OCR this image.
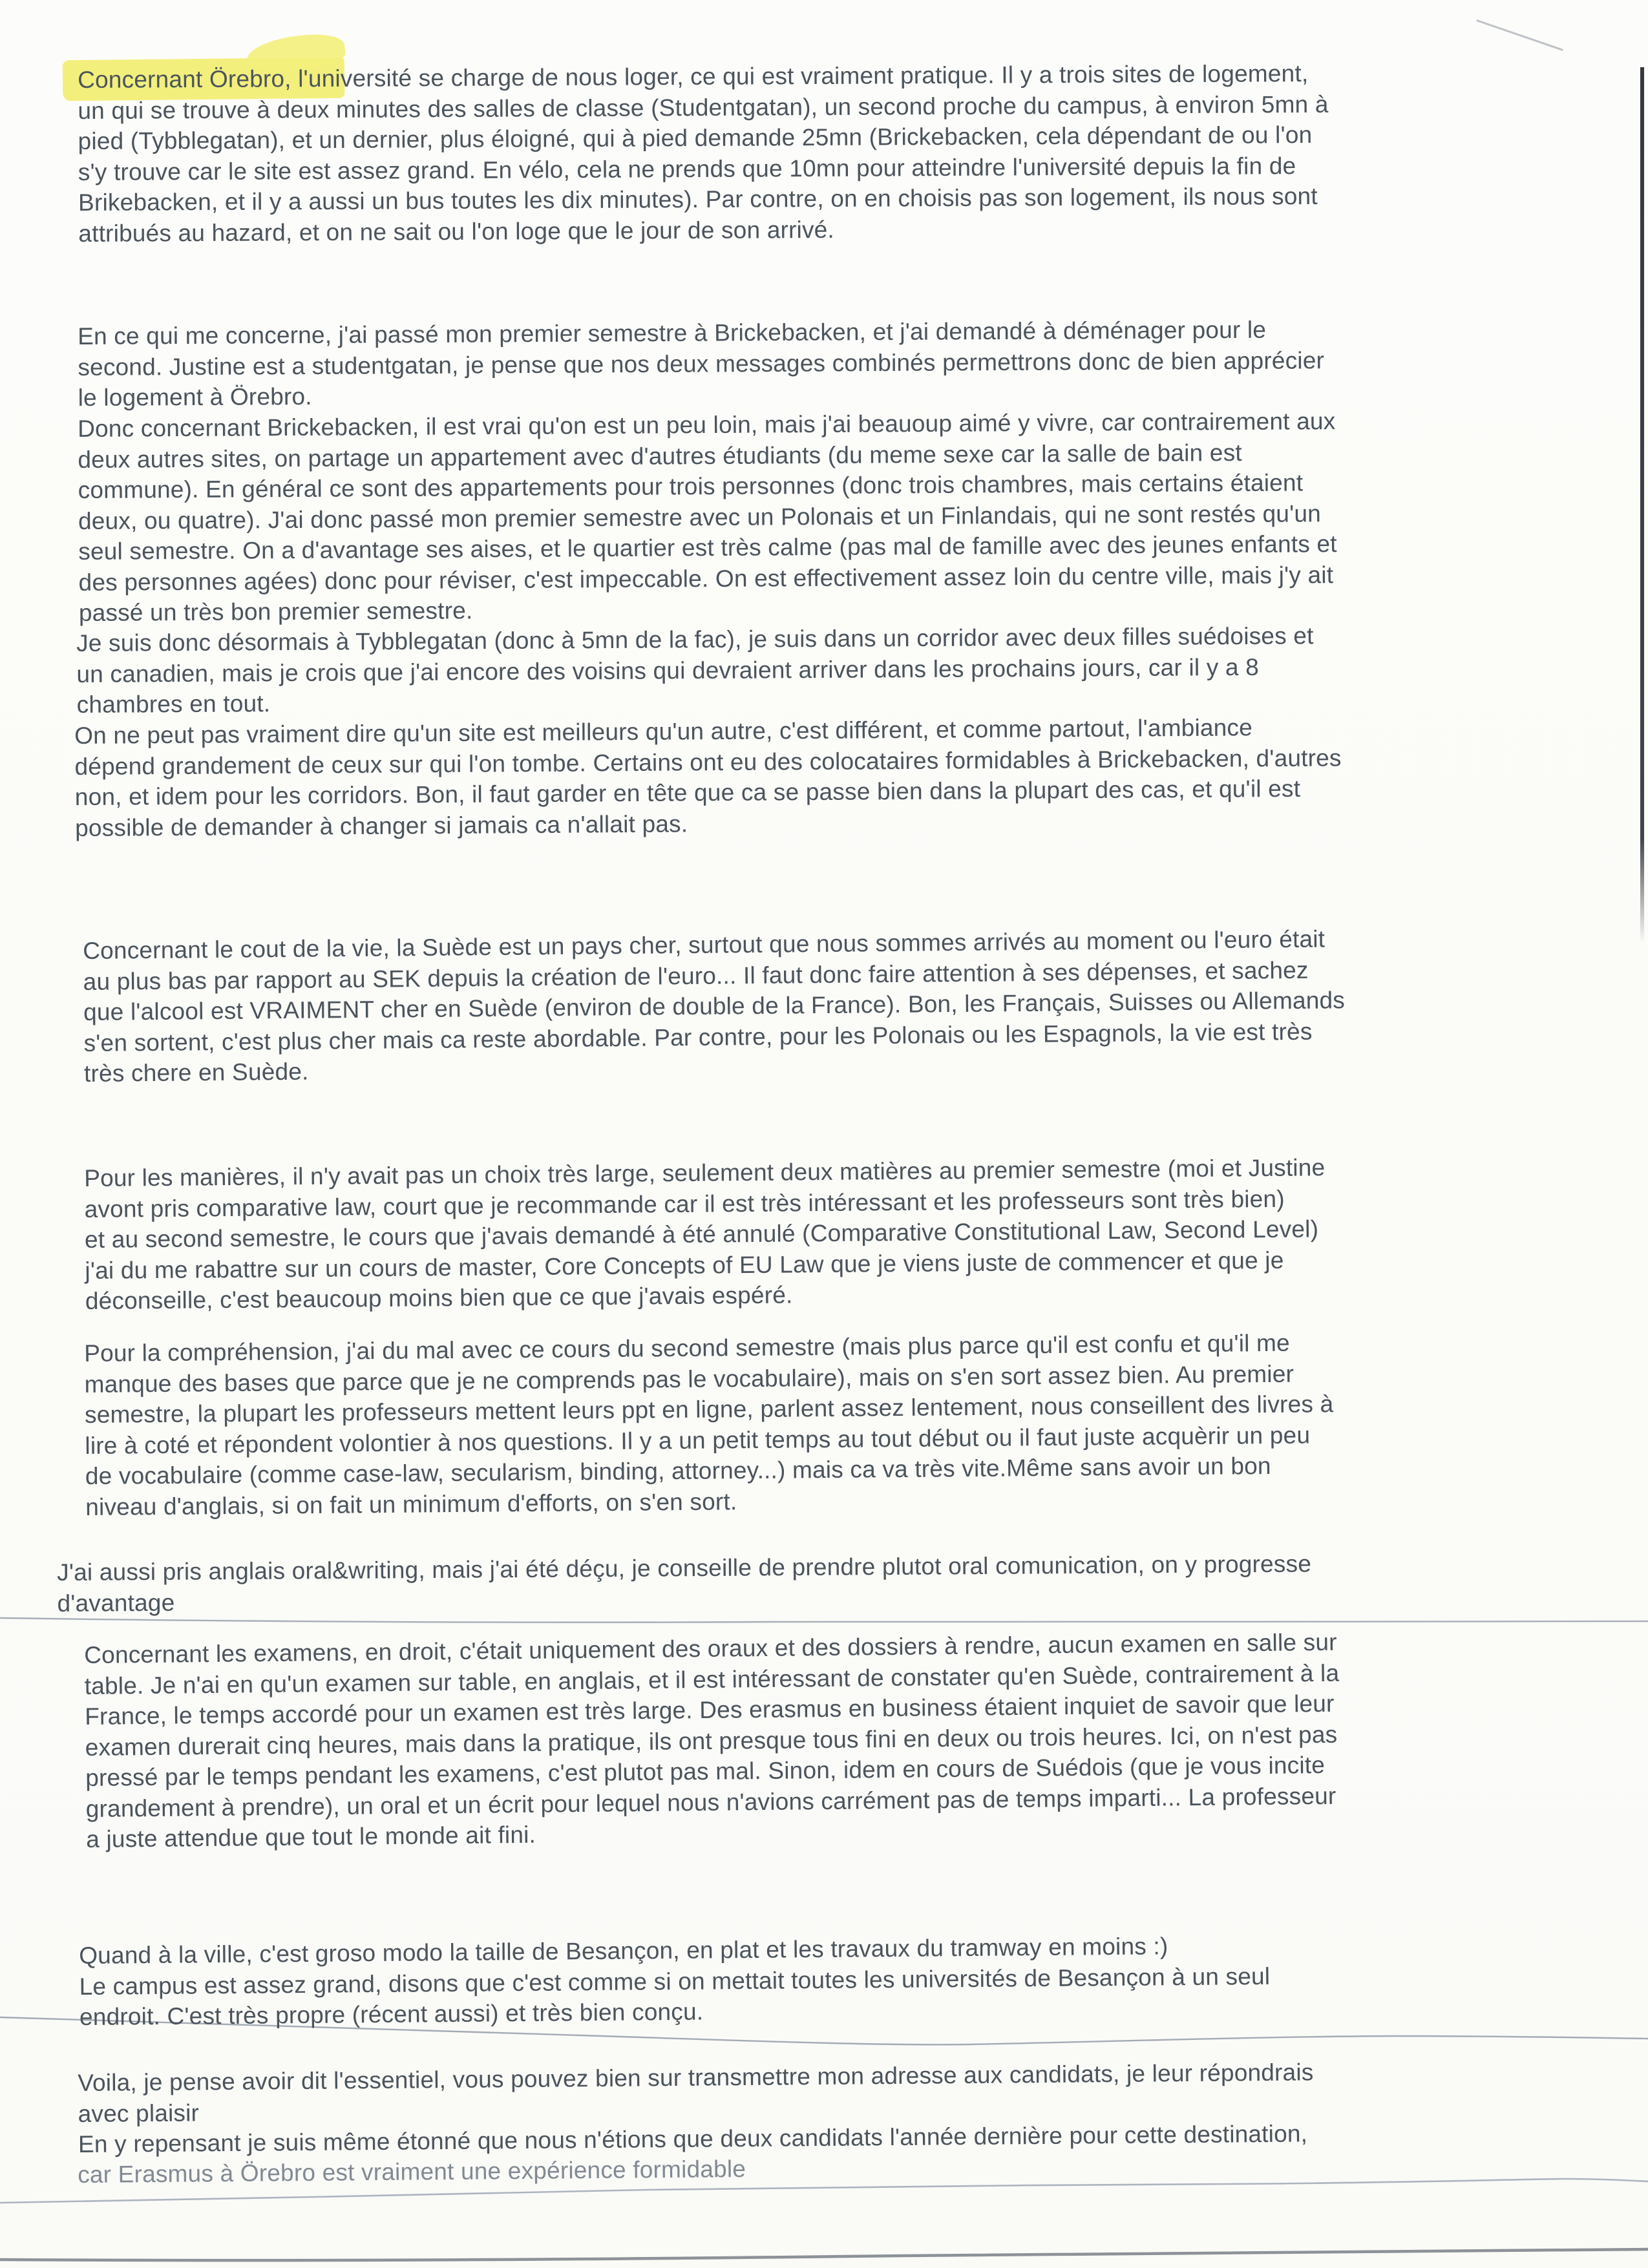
Concernant Örebro, l'université se charge de nous loger, ce qui est vraiment pratique. Il y a trois sites de logement,
un qui se trouve à deux minutes des salles de classe (Studentgatan), un second proche du campus, à environ 5mn à
pied (Tybblegatan), et un dernier, plus éloigné, qui à pied demande 25mn (Brickebacken, cela dépendant de ou l'on
s'y trouve car le site est assez grand. En vélo, cela ne prends que 10mn pour atteindre l'université depuis la fin de
Brikebacken, et il y a aussi un bus toutes les dix minutes). Par contre, on en choisis pas son logement, ils nous sont
attribués au hazard, et on ne sait ou l'on loge que le jour de son arrivé.
En ce qui me concerne, j'ai passé mon premier semestre à Brickebacken, et j'ai demandé à déménager pour le
second. Justine est a studentgatan, je pense que nos deux messages combinés permettrons donc de bien apprécier
le logement à Örebro.
Donc concernant Brickebacken, il est vrai qu'on est un peu loin, mais j'ai beauoup aimé y vivre, car contrairement aux
deux autres sites, on partage un appartement avec d'autres étudiants (du meme sexe car la salle de bain est
commune). En général ce sont des appartements pour trois personnes (donc trois chambres, mais certains étaient
deux, ou quatre). J'ai donc passé mon premier semestre avec un Polonais et un Finlandais, qui ne sont restés qu'un
seul semestre. On a d'avantage ses aises, et le quartier est très calme (pas mal de famille avec des jeunes enfants et
des personnes agées) donc pour réviser, c'est impeccable. On est effectivement assez loin du centre ville, mais j'y ait
passé un très bon premier semestre.
Je suis donc désormais à Tybblegatan (donc à 5mn de la fac), je suis dans un corridor avec deux filles suédoises et
un canadien, mais je crois que j'ai encore des voisins qui devraient arriver dans les prochains jours, car il y a 8
chambres en tout.
On ne peut pas vraiment dire qu'un site est meilleurs qu'un autre, c'est différent, et comme partout, l'ambiance
dépend grandement de ceux sur qui l'on tombe. Certains ont eu des colocataires formidables à Brickebacken, d'autres
non, et idem pour les corridors. Bon, il faut garder en tête que ca se passe bien dans la plupart des cas, et qu'il est
possible de demander à changer si jamais ca n'allait pas.
Concernant le cout de la vie, la Suède est un pays cher, surtout que nous sommes arrivés au moment ou l'euro était
au plus bas par rapport au SEK depuis la création de l'euro... Il faut donc faire attention à ses dépenses, et sachez
que l'alcool est VRAIMENT cher en Suède (environ de double de la France). Bon, les Français, Suisses ou Allemands
s'en sortent, c'est plus cher mais ca reste abordable. Par contre, pour les Polonais ou les Espagnols, la vie est très
très chere en Suède.
Pour les manières, il n'y avait pas un choix très large, seulement deux matières au premier semestre (moi et Justine
avont pris comparative law, court que je recommande car il est très intéressant et les professeurs sont très bien)
et au second semestre, le cours que j'avais demandé à été annulé (Comparative Constitutional Law, Second Level)
j'ai du me rabattre sur un cours de master, Core Concepts of EU Law que je viens juste de commencer et que je
déconseille, c'est beaucoup moins bien que ce que j'avais espéré.
Pour la compréhension, j'ai du mal avec ce cours du second semestre (mais plus parce qu'il est confu et qu'il me
manque des bases que parce que je ne comprends pas le vocabulaire), mais on s'en sort assez bien. Au premier
semestre, la plupart les professeurs mettent leurs ppt en ligne, parlent assez lentement, nous conseillent des livres à
lire à coté et répondent volontier à nos questions. Il y a un petit temps au tout début ou il faut juste acquèrir un peu
de vocabulaire (comme case-law, secularism, binding, attorney...) mais ca va très vite.Même sans avoir un bon
niveau d'anglais, si on fait un minimum d'efforts, on s'en sort.
J'ai aussi pris anglais oral&writing, mais j'ai été déçu, je conseille de prendre plutot oral comunication, on y progresse
d'avantage
Concernant les examens, en droit, c'était uniquement des oraux et des dossiers à rendre, aucun examen en salle sur
table. Je n'ai en qu'un examen sur table, en anglais, et il est intéressant de constater qu'en Suède, contrairement à la
France, le temps accordé pour un examen est très large. Des erasmus en business étaient inquiet de savoir que leur
examen durerait cinq heures, mais dans la pratique, ils ont presque tous fini en deux ou trois heures. Ici, on n'est pas
pressé par le temps pendant les examens, c'est plutot pas mal. Sinon, idem en cours de Suédois (que je vous incite
grandement à prendre), un oral et un écrit pour lequel nous n'avions carrément pas de temps imparti... La professeur
a juste attendue que tout le monde ait fini.
Quand à la ville, c'est groso modo la taille de Besançon, en plat et les travaux du tramway en moins :)
Le campus est assez grand, disons que c'est comme si on mettait toutes les universités de Besançon à un seul
endroit. C'est très propre (récent aussi) et très bien conçu.
Voila, je pense avoir dit l'essentiel, vous pouvez bien sur transmettre mon adresse aux candidats, je leur répondrais
avec plaisir
En y repensant je suis même étonné que nous n'étions que deux candidats l'année dernière pour cette destination,
car Erasmus à Örebro est vraiment une expérience formidable
